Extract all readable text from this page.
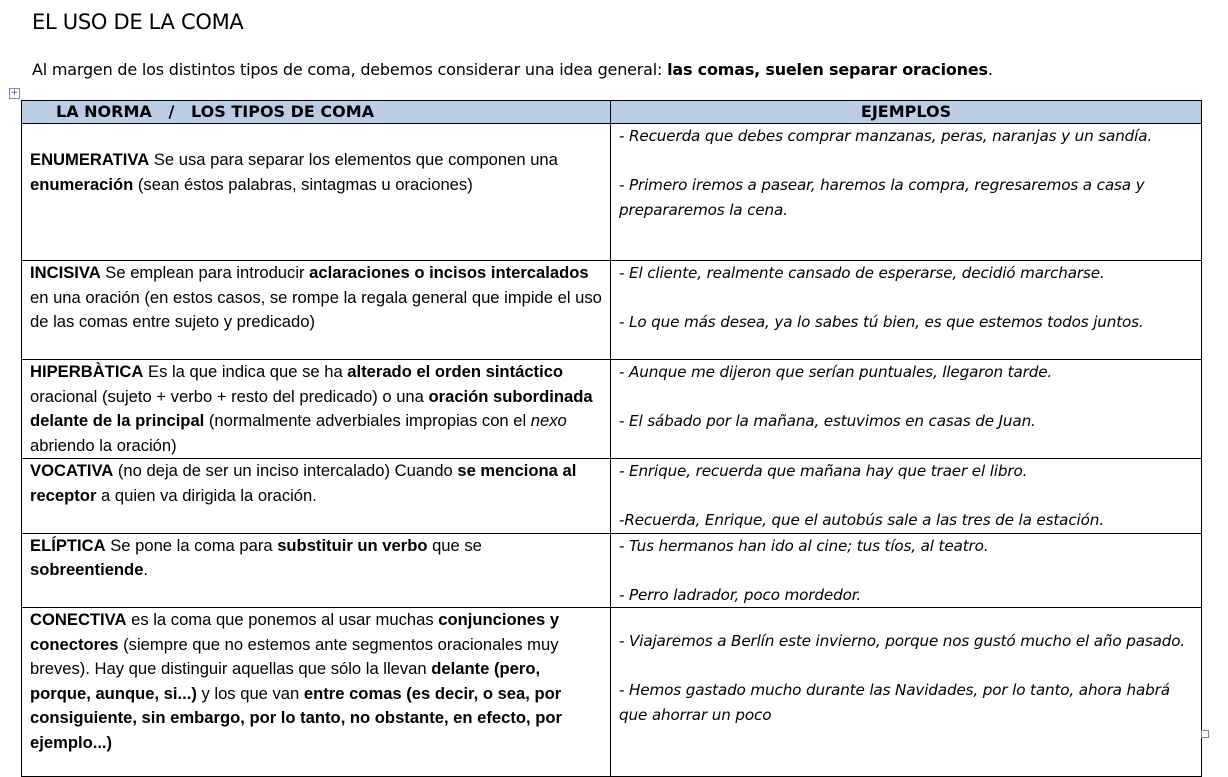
EL USO DE LA COMA
Al margen de los distintos tipos de coma, debemos considerar una idea general: las comas, suelen separar oraciones.
+
LA NORMA   /   LOS TIPOS DE COMA	EJEMPLOS
ENUMERATIVA Se usa para separar los elementos que componen una enumeración (sean éstos palabras, sintagmas u oraciones)	- Recuerda que debes comprar manzanas, peras, naranjas y un sandía.
- Primero iremos a pasear, haremos la compra, regresaremos a casa y prepararemos la cena.

INCISIVA Se emplean para introducir aclaraciones o incisos intercalados en una oración (en estos casos, se rompe la regala general que impide el uso de las comas entre sujeto y predicado)	- El cliente, realmente cansado de esperarse, decidió marcharse.
- Lo que más desea, ya lo sabes tú bien, es que estemos todos juntos.

HIPERBÀTICA Es la que indica que se ha alterado el orden sintáctico oracional (sujeto + verbo + resto del predicado) o una oración subordinada delante de la principal (normalmente adverbiales impropias con el nexo abriendo la oración)	- Aunque me dijeron que serían puntuales, llegaron tarde.
- El sábado por la mañana, estuvimos en casas de Juan.

VOCATIVA (no deja de ser un inciso intercalado) Cuando se menciona al receptor a quien va dirigida la oración.	- Enrique, recuerda que mañana hay que traer el libro.
-Recuerda, Enrique, que el autobús sale a las tres de la estación.

ELÍPTICA Se pone la coma para substituir un verbo que se sobreentiende.	- Tus hermanos han ido al cine; tus tíos, al teatro.
- Perro ladrador, poco mordedor.

CONECTIVA es la coma que ponemos al usar muchas conjunciones y conectores (siempre que no estemos ante segmentos oracionales muy breves). Hay que distinguir aquellas que sólo la llevan delante (pero, porque, aunque, si...) y los que van entre comas (es decir, o sea, por consiguiente, sin embargo, por lo tanto, no obstante, en efecto, por ejemplo...)	- Viajaremos a Berlín este invierno, porque nos gustó mucho el año pasado.
- Hemos gastado mucho durante las Navidades, por lo tanto, ahora habrá que ahorrar un poco
